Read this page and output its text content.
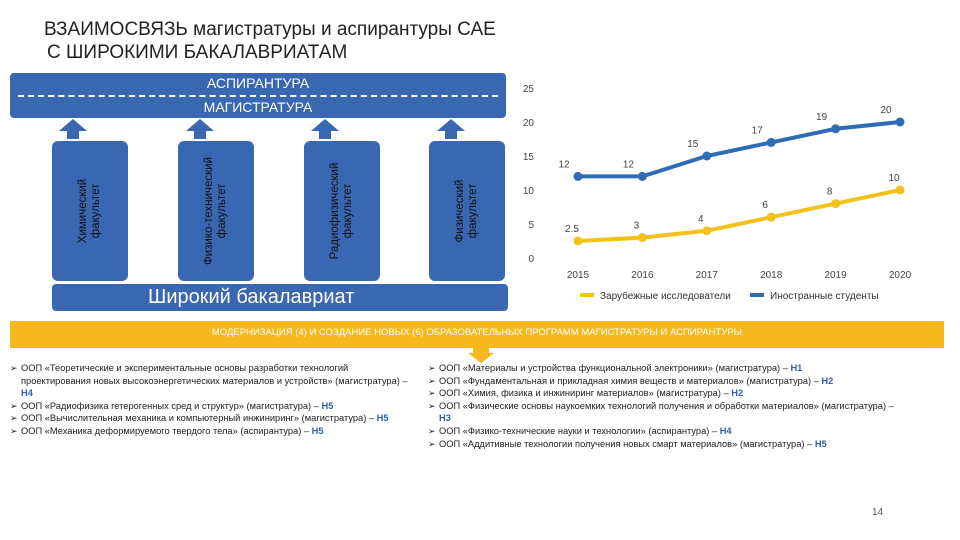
ВЗАИМОСВЯЗЬ магистратуры и аспирантуры САЕ
С ШИРОКИМИ БАКАЛАВРИАТАМ
АСПИРАНТУРА
МАГИСТРАТУРА
Химический факультет	Физико-технический факультет	Радиофизический факультет	Физический факультет
Широкий бакалавриат
0
5
10
15
20
25
2015	2016	2017	2018	2019	2020
2.5	3
4
6
8
10
12	12
15
17
19
20
Зарубежные исследователи	Иностранные студенты
МОДЕРНИЗАЦИЯ (4) И СОЗДАНИЕ НОВЫХ (6) ОБРАЗОВАТЕЛЬНЫХ ПРОГРАММ МАГИСТРАТУРЫ И АСПИРАНТУРЫ
➢ ООП «Теоретические и экспериментальные основы разработки технологий проектирования новых высокоэнергетических материалов и устройств» (магистратура) – Н4
➢ ООП «Радиофизика гетерогенных сред и структур» (магистратура) – Н5
➢ ООП «Вычислительная механика и компьютерный инжиниринг» (магистратура) – Н5
➢ ООП «Механика деформируемого твердого тела» (аспирантура) – Н5
➢ ООП «Материалы и устройства функциональной электроники» (магистратура) – Н1
➢ ООП «Фундаментальная и прикладная химия веществ и материалов» (магистратура) – Н2
➢ ООП «Химия, физика и инжиниринг материалов» (магистратура) – Н2
➢ ООП «Физические основы наукоемких технологий получения и обработки материалов» (магистратура) – Н3
➢ ООП «Физико-технические науки и технологии» (аспирантура) – Н4
➢ ООП «Аддитивные технологии получения новых смарт материалов» (магистратура) – Н5
14
